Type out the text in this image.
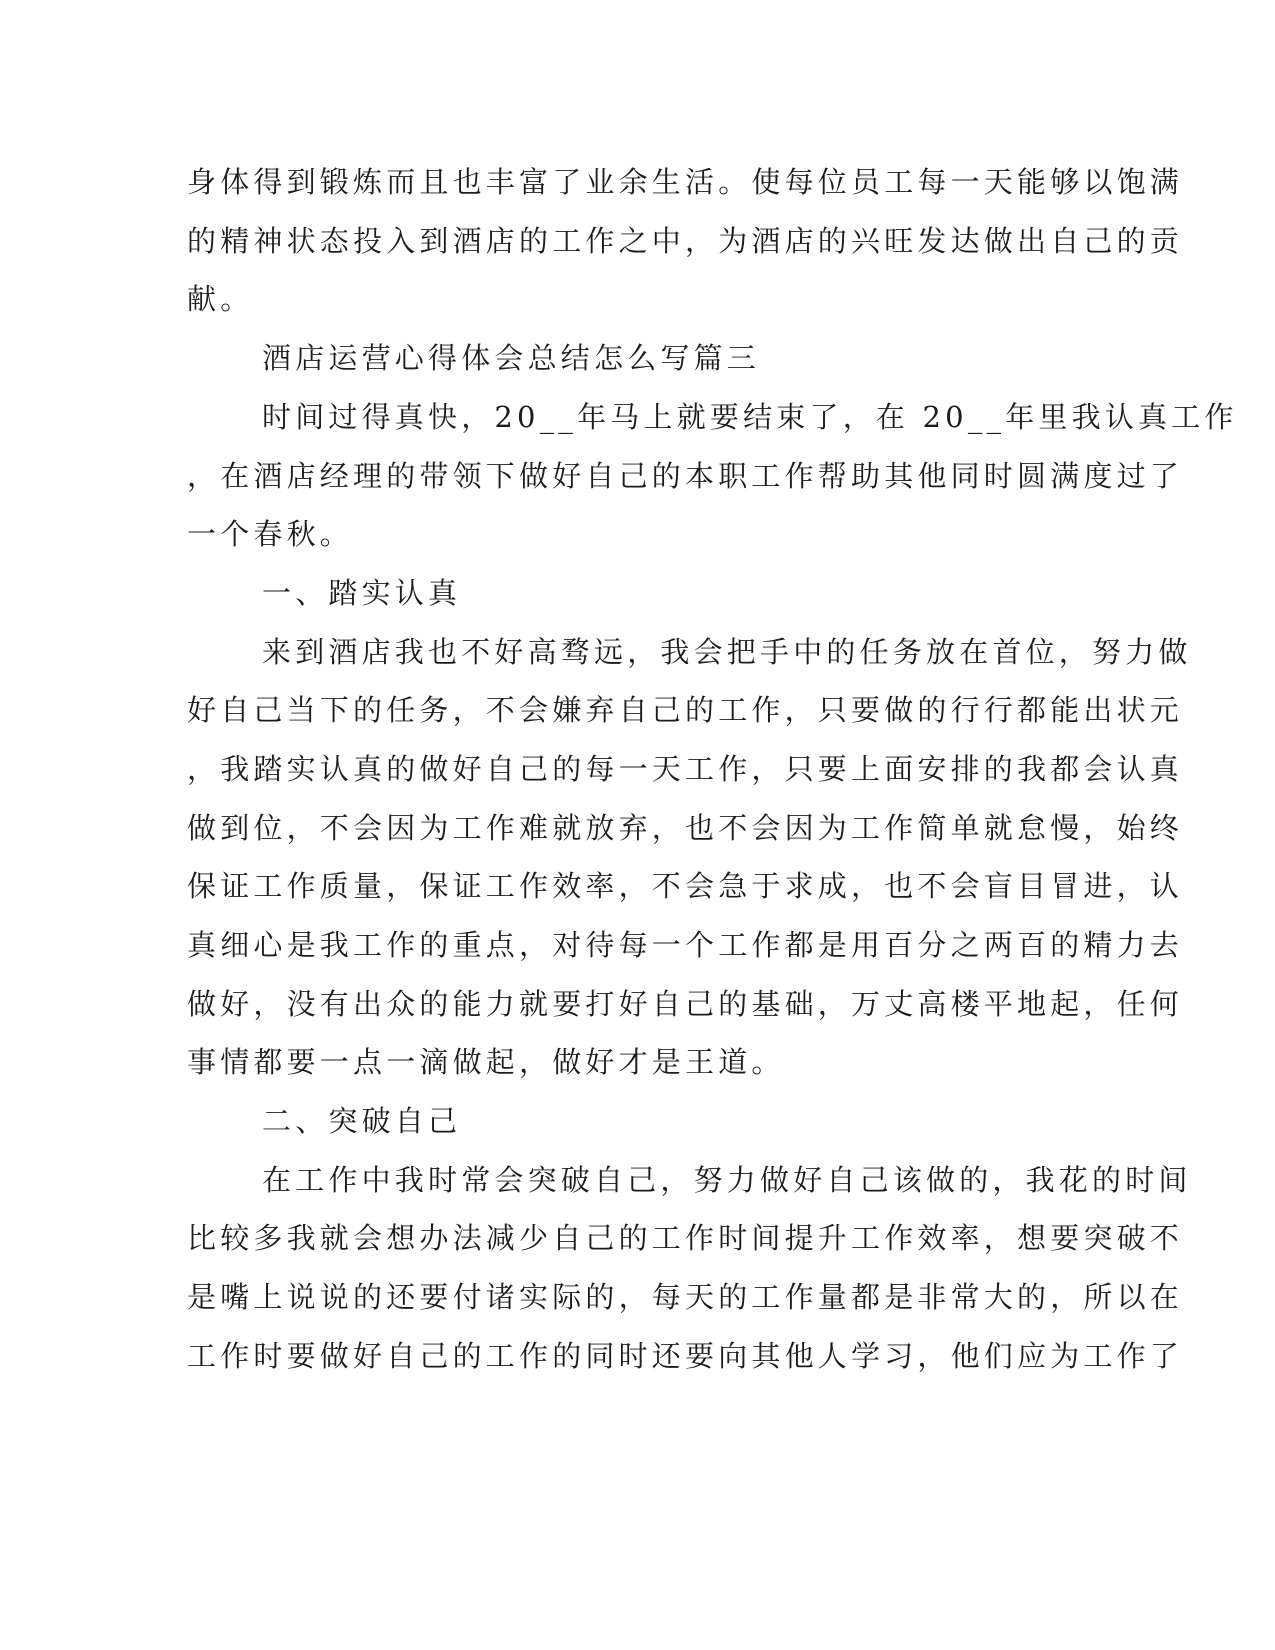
身体得到锻炼而且也丰富了业余生活。使每位员工每一天能够以饱满
的精神状态投入到酒店的工作之中，为酒店的兴旺发达做出自己的贡
献。
酒店运营心得体会总结怎么写篇三
时间过得真快，20__年马上就要结束了，在 20__年里我认真工作
，在酒店经理的带领下做好自己的本职工作帮助其他同时圆满度过了
一个春秋。
一、踏实认真
来到酒店我也不好高骛远，我会把手中的任务放在首位，努力做
好自己当下的任务，不会嫌弃自己的工作，只要做的行行都能出状元
，我踏实认真的做好自己的每一天工作，只要上面安排的我都会认真
做到位，不会因为工作难就放弃，也不会因为工作简单就怠慢，始终
保证工作质量，保证工作效率，不会急于求成，也不会盲目冒进，认
真细心是我工作的重点，对待每一个工作都是用百分之两百的精力去
做好，没有出众的能力就要打好自己的基础，万丈高楼平地起，任何
事情都要一点一滴做起，做好才是王道。
二、突破自己
在工作中我时常会突破自己，努力做好自己该做的，我花的时间
比较多我就会想办法减少自己的工作时间提升工作效率，想要突破不
是嘴上说说的还要付诸实际的，每天的工作量都是非常大的，所以在
工作时要做好自己的工作的同时还要向其他人学习，他们应为工作了
